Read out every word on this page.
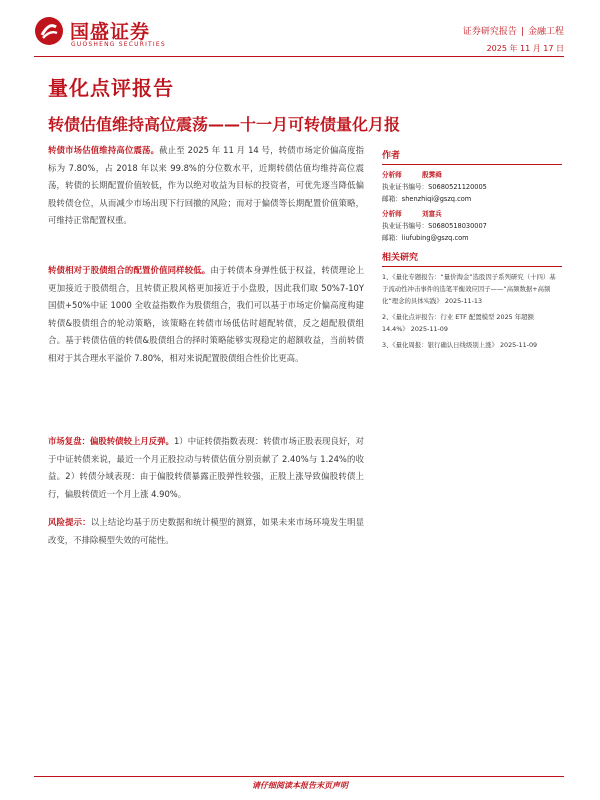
国盛证券
GUOSHENG SECURITIES
证券研究报告 | 金融工程
2025 年 11 月 17 日
量化点评报告
转债估值维持高位震荡——十一月可转债量化月报

转债市场估值维持高位震荡。截止至 2025 年 11 月 14 号，转债市场定价偏高度指标为 7.80%，占 2018 年以来 99.8%的分位数水平，近期转债估值均维持高位震荡，转债的长期配置价值较低，作为以绝对收益为目标的投资者，可优先逐当降低偏股转债仓位，从而减少市场出现下行回撤的风险；而对于偏债等长期配置价值策略，可维持正常配置权重。

转债相对于股债组合的配置价值同样较低。由于转债本身弹性低于权益，转债理论上更加接近于股债组合，且转债正股风格更加接近于小盘股，因此我们取 50%7-10Y 国债+50%中证 1000 全收益指数作为股债组合，我们可以基于市场定价偏高度构建转债&股债组合的轮动策略，该策略在转债市场低估时超配转债，反之超配股债组合。基于转债估值的转债&股债组合的择时策略能够实现稳定的超额收益，当前转债相对于其合理水平溢价 7.80%，相对来说配置股债组合性价比更高。

市场复盘：偏股转债较上月反弹。1）中证转债指数表现：转债市场正股表现良好，对于中证转债来说，最近一个月正股拉动与转债估值分别贡献了 2.40%与 1.24%的收益。2）转债分域表现：由于偏股转债暴露正股弹性较强，正股上涨导致偏股转债上行，偏股转债近一个月上涨 4.90%。

风险提示：以上结论均基于历史数据和统计模型的测算，如果未来市场环境发生明显改变，不排除模型失效的可能性。

作者
分析师	殷霁舜
执业证书编号：S0680521120005
邮箱：shenzhiqi@gszq.com
分析师	刘富兵
执业证书编号：S0680518030007
邮箱：liufubing@gszq.com
相关研究
1、《量化专题报告：“量价淘金”选股因子系列研究（十四）基于流动性冲击事件的选笔平衡效应因子——“高频数据+高频化”理念的具体实践》 2025-11-13
2、《量化点评报告：行业 ETF 配置模型 2025 年超额 14.4%》 2025-11-09
3、《量化周报：银行确认日线级别上涨》 2025-11-09
请仔细阅读本报告末页声明
